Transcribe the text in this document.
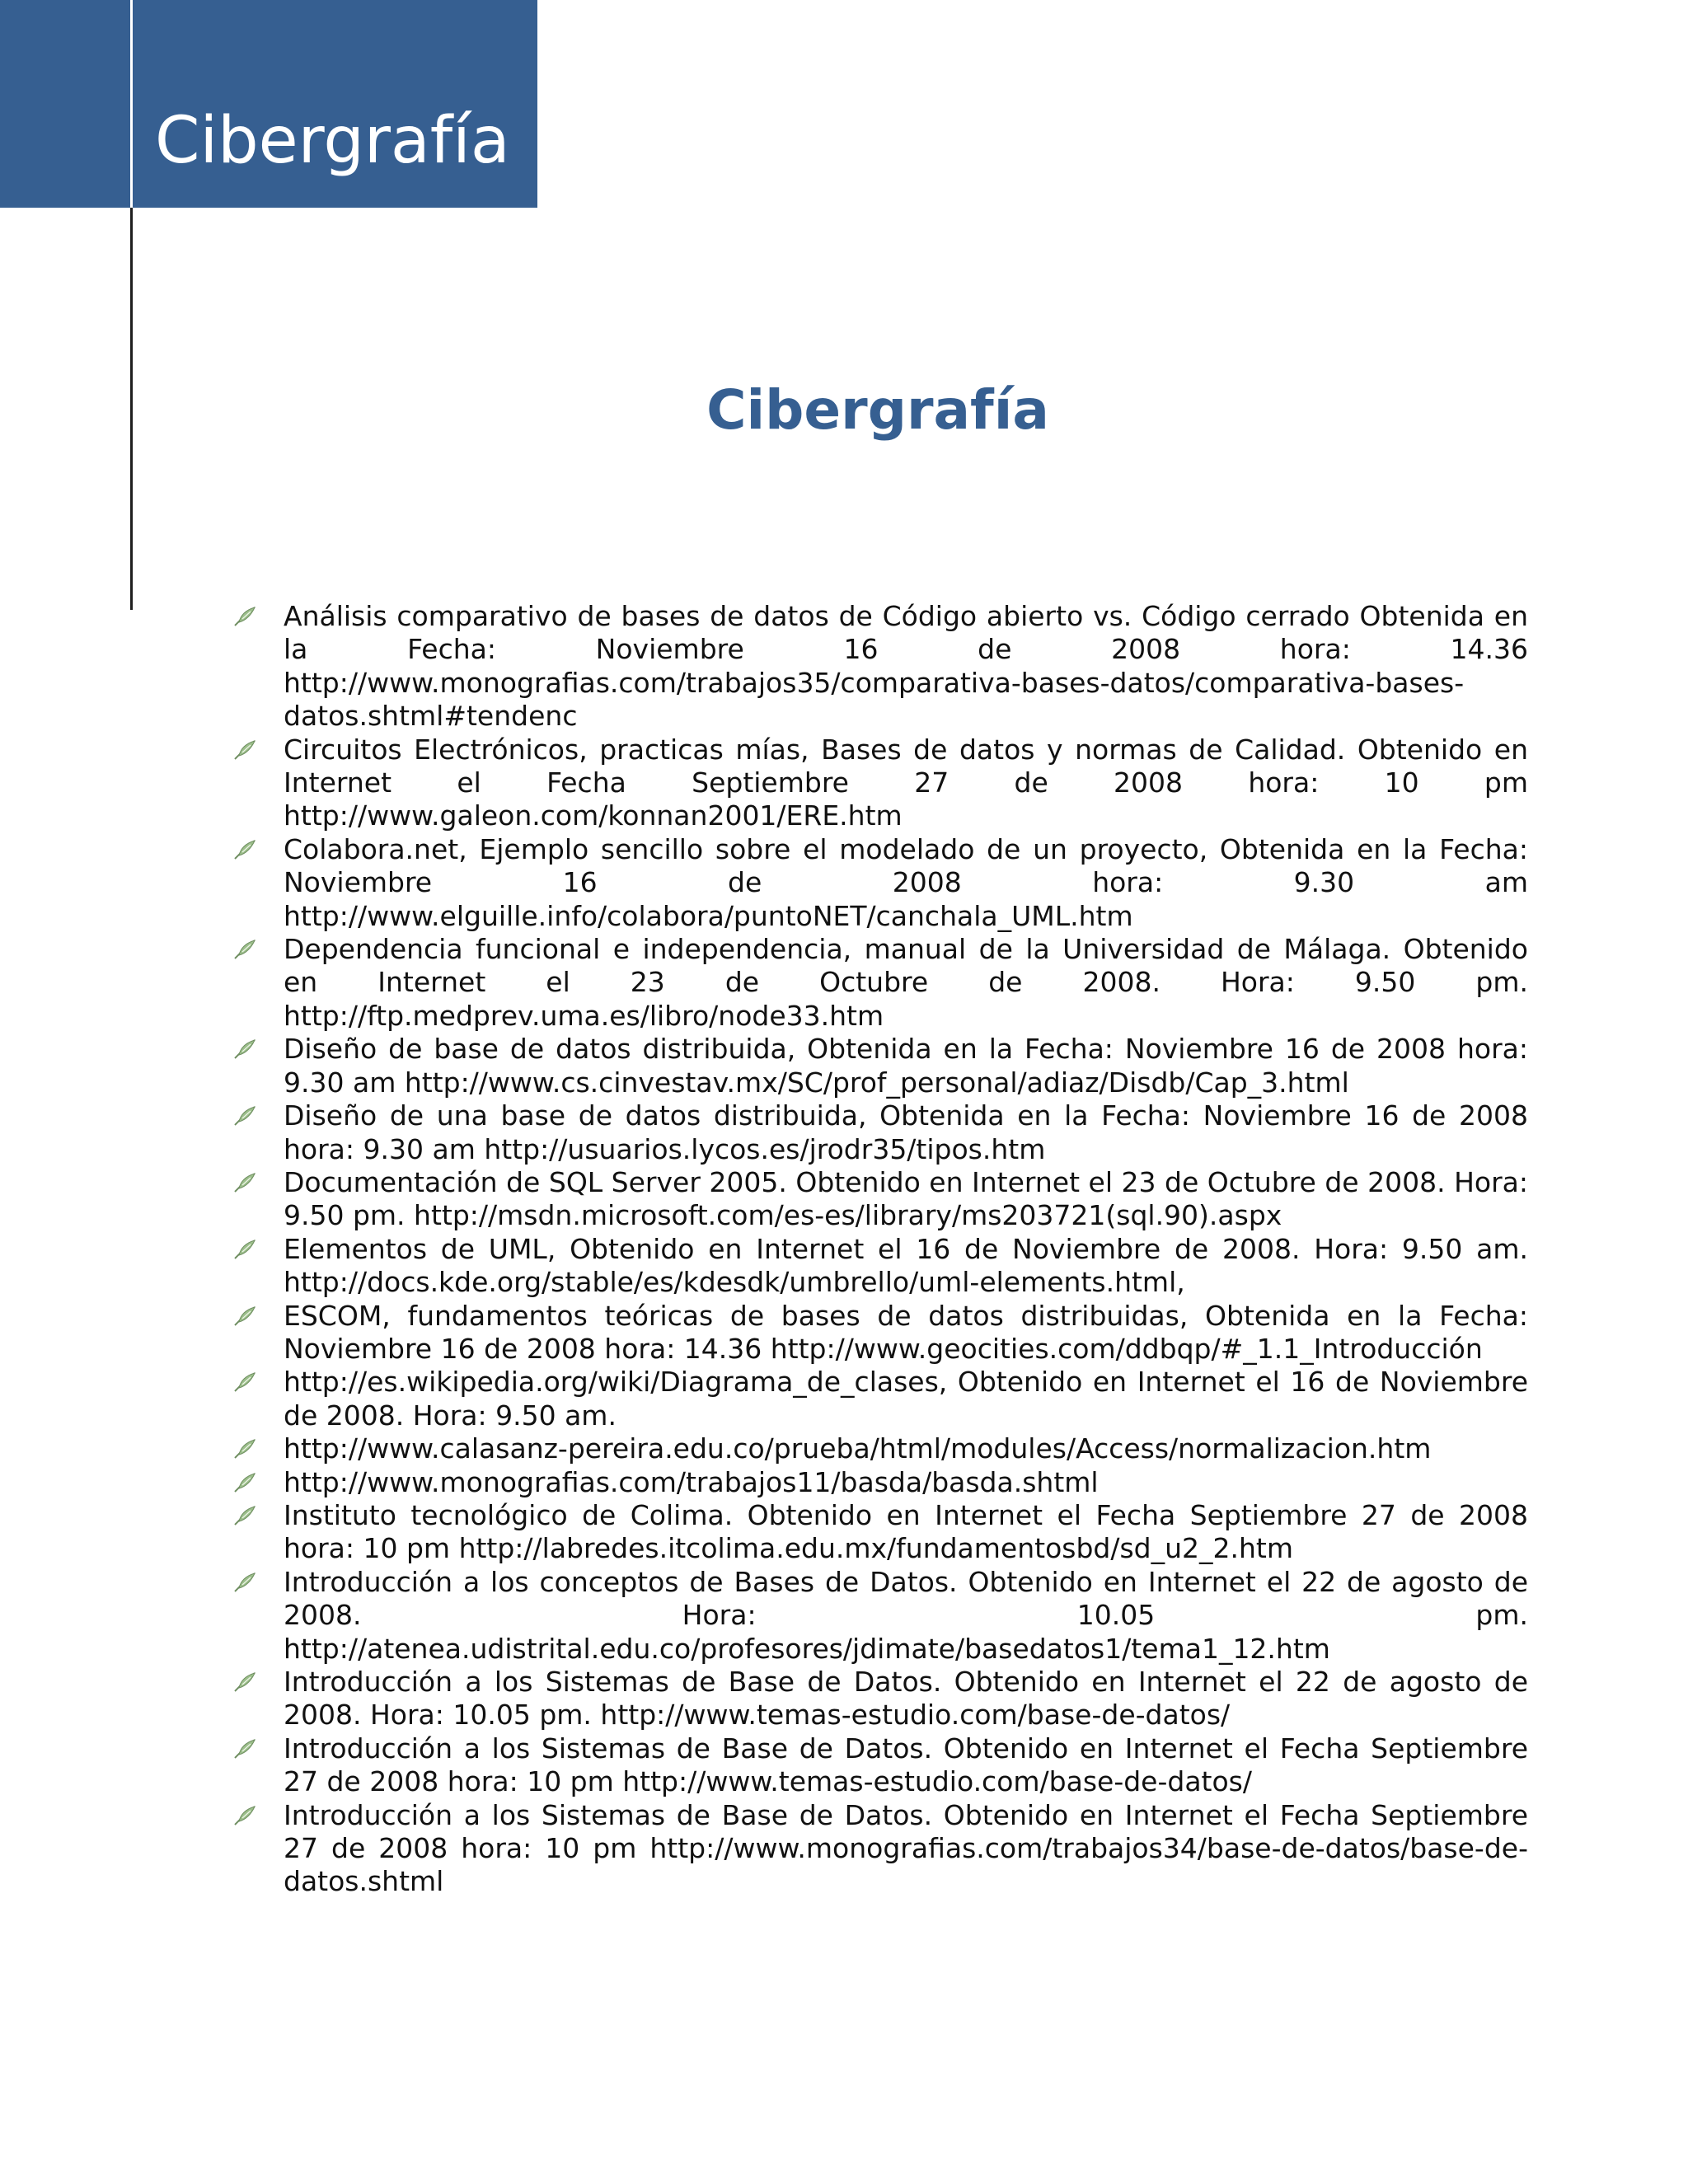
Cibergrafía
Cibergrafía
Análisis comparativo de bases de datos de Código abierto vs. Código cerrado Obtenida en la Fecha: Noviembre 16 de 2008 hora: 14.36 http://www.monografias.com/trabajos35/comparativa-bases-datos/comparativa-bases-datos.shtml#tendenc
Circuitos Electrónicos, practicas mías, Bases de datos y normas de Calidad. Obtenido en Internet el Fecha Septiembre 27 de 2008 hora: 10 pm http://www.galeon.com/konnan2001/ERE.htm
Colabora.net, Ejemplo sencillo sobre el modelado de un proyecto, Obtenida en la Fecha: Noviembre 16 de 2008 hora: 9.30 am http://www.elguille.info/colabora/puntoNET/canchala_UML.htm
Dependencia funcional e independencia, manual de la Universidad de Málaga. Obtenido en Internet el 23 de Octubre de 2008. Hora: 9.50 pm. http://ftp.medprev.uma.es/libro/node33.htm
Diseño de base de datos distribuida, Obtenida en la Fecha: Noviembre 16 de 2008 hora: 9.30 am http://www.cs.cinvestav.mx/SC/prof_personal/adiaz/Disdb/Cap_3.html
Diseño de una base de datos distribuida, Obtenida en la Fecha: Noviembre 16 de 2008 hora: 9.30 am http://usuarios.lycos.es/jrodr35/tipos.htm
Documentación de SQL Server 2005. Obtenido en Internet el 23 de Octubre de 2008. Hora: 9.50 pm. http://msdn.microsoft.com/es-es/library/ms203721(sql.90).aspx
Elementos de UML, Obtenido en Internet el 16 de Noviembre de 2008. Hora: 9.50 am. http://docs.kde.org/stable/es/kdesdk/umbrello/uml-elements.html,
ESCOM, fundamentos teóricas de bases de datos distribuidas, Obtenida en la Fecha: Noviembre 16 de 2008 hora: 14.36 http://www.geocities.com/ddbqp/#_1.1_Introducción
http://es.wikipedia.org/wiki/Diagrama_de_clases, Obtenido en Internet el 16 de Noviembre de 2008. Hora: 9.50 am.
http://www.calasanz-pereira.edu.co/prueba/html/modules/Access/normalizacion.htm
http://www.monografias.com/trabajos11/basda/basda.shtml
Instituto tecnológico de Colima. Obtenido en Internet el Fecha Septiembre 27 de 2008 hora: 10 pm http://labredes.itcolima.edu.mx/fundamentosbd/sd_u2_2.htm
Introducción a los conceptos de Bases de Datos. Obtenido en Internet el 22 de agosto de 2008. Hora: 10.05 pm. http://atenea.udistrital.edu.co/profesores/jdimate/basedatos1/tema1_12.htm
Introducción a los Sistemas de Base de Datos. Obtenido en Internet el 22 de agosto de 2008. Hora: 10.05 pm. http://www.temas-estudio.com/base-de-datos/
Introducción a los Sistemas de Base de Datos. Obtenido en Internet el Fecha Septiembre 27 de 2008 hora: 10 pm http://www.temas-estudio.com/base-de-datos/
Introducción a los Sistemas de Base de Datos. Obtenido en Internet el Fecha Septiembre 27 de 2008 hora: 10 pm http://www.monografias.com/trabajos34/base-de-datos/base-de-datos.shtml
